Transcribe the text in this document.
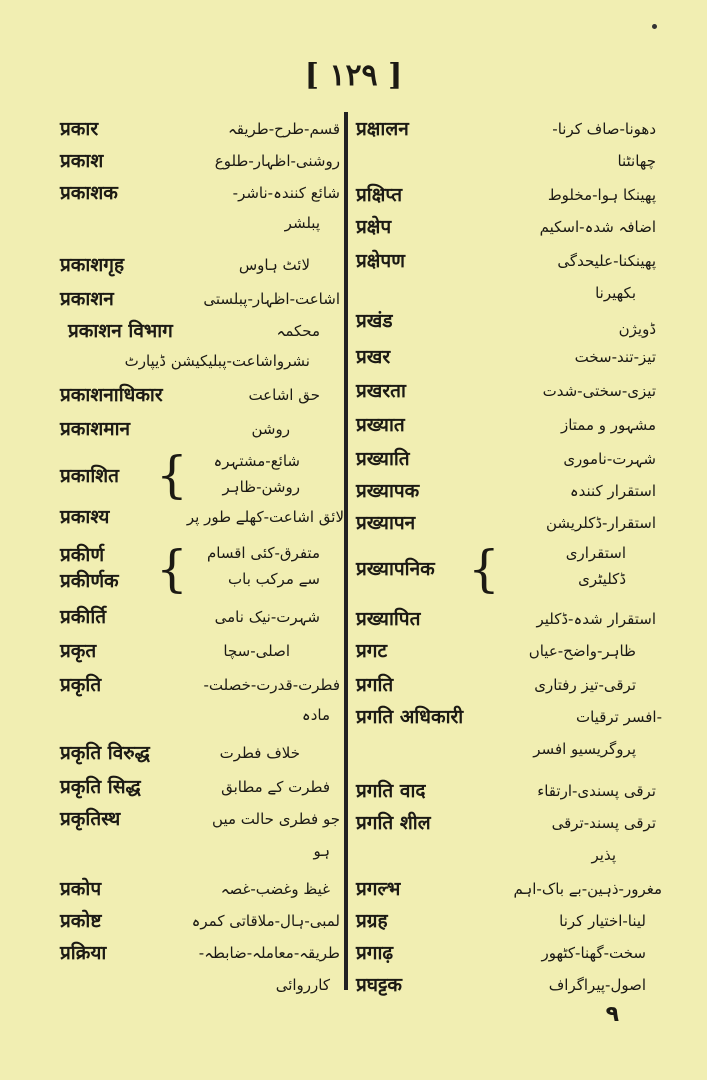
[ ١٢٩ ]
प्रकार	قسم-طرح-طریقہ
प्रकाश	روشنی-اظہار-طلوع
प्रकाशक	شائع کنندہ-ناشر-
پبلشر
प्रकाशगृह	لائٹ ہاوس
प्रकाशन	اشاعت-اظہار-پبلستی
प्रकाशन विभाग	محکمہ
نشرواشاعت-پبلیکیشن ڈیپارٹ
प्रकाशनाधिकार	حق اشاعت
प्रकाशमान	روشن
प्रकाशित { شائع-مشتہرہ
روشن-ظاہر
प्रकाश्य	لائق اشاعت-کھلے طور پر
प्रकीर्ण
प्रकीर्णक { متفرق-کئی اقسام
سے مرکب باب
प्रकीर्ति	شہرت-نیک نامی
प्रकृत	اصلی-سچا
प्रकृति	فطرت-قدرت-خصلت-
مادہ
प्रकृति विरुद्ध	خلاف فطرت
प्रकृति सिद्ध	فطرت کے مطابق
प्रकृतिस्थ	جو فطری حالت میں
ہو
प्रकोप	غیظ وغضب-غصہ
प्रकोष्ट	لمبی-ہال-ملاقاتی کمرہ
प्रक्रिया	طریقہ-معاملہ-ضابطہ-
کارروائی
प्रक्षालन	دھونا-صاف کرنا-
چھانٹنا
प्रक्षिप्त	پھینکا ہوا-مخلوط
प्रक्षेप	اضافہ شدہ-اسکیم
प्रक्षेपण	پھینکنا-علیحدگی
بکھیرنا
प्रखंड	ڈویژن
प्रखर	تیز-تند-سخت
प्रखरता	تیزی-سختی-شدت
प्रख्यात	مشہور و ممتاز
प्रख्याति	شہرت-ناموری
प्रख्यापक	استقرار کنندہ
प्रख्यापन	استقرار-ڈکلریشن
प्रख्यापनिक {	استقراری
ڈکلیٹری
प्रख्यापित	استقرار شدہ-ڈکلیر
प्रगट	ظاہر-واضح-عیاں
प्रगति	ترقی-تیز رفتاری
प्रगति अधिकारी	-افسر ترقیات
پروگریسیو افسر
प्रगति वाद	ترقی پسندی-ارتقاء
प्रगति शील	ترقی پسند-ترقی
پذیر
प्रगल्भ	مغرور-ذہین-بے باک-اہم
प्रग्रह	لینا-اختیار کرنا
प्रगाढ़	سخت-گھنا-کٹھور
प्रघट्टक	اصول-پیراگراف
٩
